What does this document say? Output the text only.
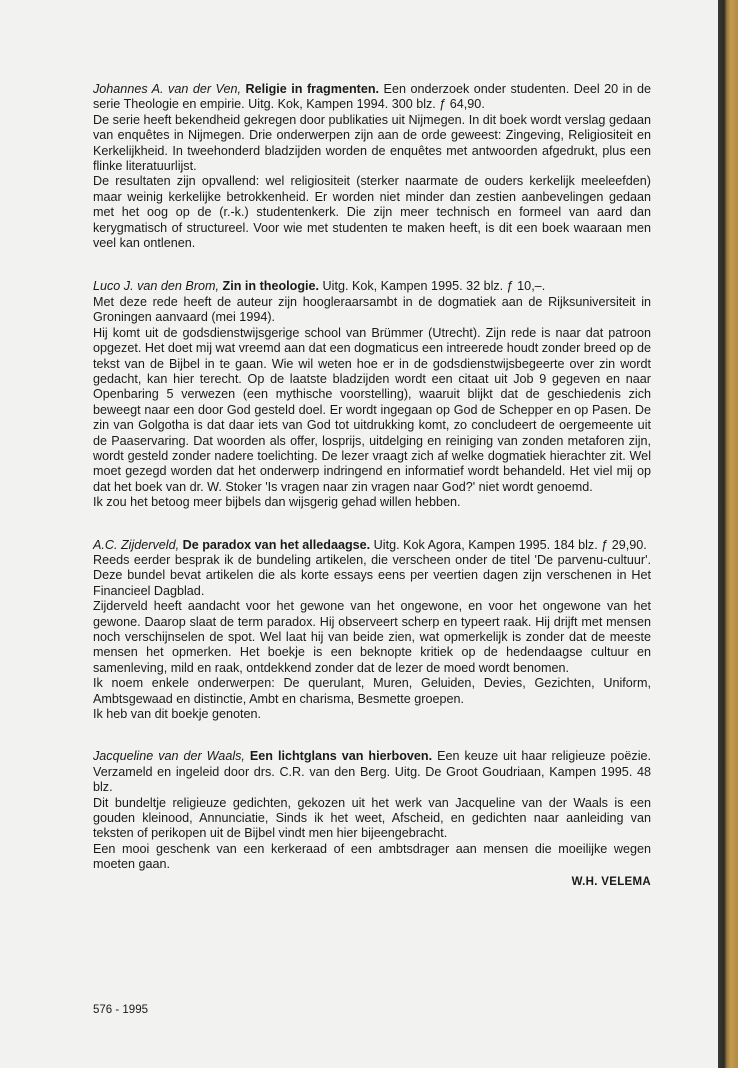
Johannes A. van der Ven, Religie in fragmenten. Een onderzoek onder studenten. Deel 20 in de serie Theologie en empirie. Uitg. Kok, Kampen 1994. 300 blz. ƒ 64,90.

De serie heeft bekendheid gekregen door publikaties uit Nijmegen. In dit boek wordt verslag gedaan van enquêtes in Nijmegen. Drie onderwerpen zijn aan de orde geweest: Zingeving, Religiositeit en Kerkelijkheid. In tweehonderd bladzijden worden de enquêtes met antwoorden afgedrukt, plus een flinke literatuurlijst.

De resultaten zijn opvallend: wel religiositeit (sterker naarmate de ouders kerkelijk meeleefden) maar weinig kerkelijke betrokkenheid. Er worden niet minder dan zestien aanbevelingen gedaan met het oog op de (r.-k.) studentenkerk. Die zijn meer technisch en formeel van aard dan kerygmatisch of structureel. Voor wie met studenten te maken heeft, is dit een boek waaraan men veel kan ontlenen.

Luco J. van den Brom, Zin in theologie. Uitg. Kok, Kampen 1995. 32 blz. ƒ 10,–.

Met deze rede heeft de auteur zijn hoogleraarsambt in de dogmatiek aan de Rijksuniversiteit in Groningen aanvaard (mei 1994).

Hij komt uit de godsdienstwijsgerige school van Brümmer (Utrecht). Zijn rede is naar dat patroon opgezet. Het doet mij wat vreemd aan dat een dogmaticus een intreerede houdt zonder breed op de tekst van de Bijbel in te gaan. Wie wil weten hoe er in de godsdienstwijsbegeerte over zin wordt gedacht, kan hier terecht. Op de laatste bladzijden wordt een citaat uit Job 9 gegeven en naar Openbaring 5 verwezen (een mythische voorstelling), waaruit blijkt dat de geschiedenis zich beweegt naar een door God gesteld doel. Er wordt ingegaan op God de Schepper en op Pasen. De zin van Golgotha is dat daar iets van God tot uitdrukking komt, zo concludeert de oergemeente uit de Paaservaring. Dat woorden als offer, losprijs, uitdelging en reiniging van zonden metaforen zijn, wordt gesteld zonder nadere toelichting. De lezer vraagt zich af welke dogmatiek hierachter zit. Wel moet gezegd worden dat het onderwerp indringend en informatief wordt behandeld. Het viel mij op dat het boek van dr. W. Stoker 'Is vragen naar zin vragen naar God?' niet wordt genoemd.

Ik zou het betoog meer bijbels dan wijsgerig gehad willen hebben.

A.C. Zijderveld, De paradox van het alledaagse. Uitg. Kok Agora, Kampen 1995. 184 blz. ƒ 29,90.

Reeds eerder besprak ik de bundeling artikelen, die verscheen onder de titel 'De parvenu-cultuur'. Deze bundel bevat artikelen die als korte essays eens per veertien dagen zijn verschenen in Het Financieel Dagblad.

Zijderveld heeft aandacht voor het gewone van het ongewone, en voor het ongewone van het gewone. Daarop slaat de term paradox. Hij observeert scherp en typeert raak. Hij drijft met mensen noch verschijnselen de spot. Wel laat hij van beide zien, wat opmerkelijk is zonder dat de meeste mensen het opmerken. Het boekje is een beknopte kritiek op de hedendaagse cultuur en samenleving, mild en raak, ontdekkend zonder dat de lezer de moed wordt benomen.

Ik noem enkele onderwerpen: De querulant, Muren, Geluiden, Devies, Gezichten, Uniform, Ambtsgewaad en distinctie, Ambt en charisma, Besmette groepen.

Ik heb van dit boekje genoten.

Jacqueline van der Waals, Een lichtglans van hierboven. Een keuze uit haar religieuze poëzie. Verzameld en ingeleid door drs. C.R. van den Berg. Uitg. De Groot Goudriaan, Kampen 1995. 48 blz.

Dit bundeltje religieuze gedichten, gekozen uit het werk van Jacqueline van der Waals is een gouden kleinood, Annunciatie, Sinds ik het weet, Afscheid, en gedichten naar aanleiding van teksten of perikopen uit de Bijbel vindt men hier bijeengebracht.

Een mooi geschenk van een kerkeraad of een ambtsdrager aan mensen die moeilijke wegen moeten gaan.

W.H. VELEMA
576 - 1995
